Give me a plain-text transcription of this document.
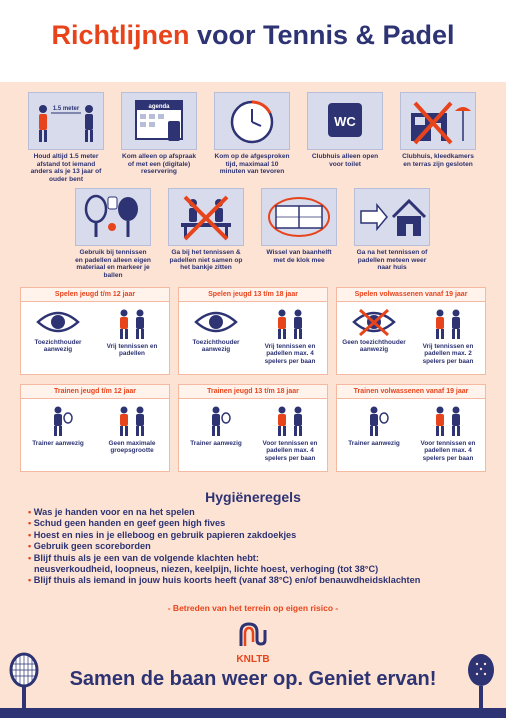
Richtlijnen voor Tennis & Padel
1.5 meter
Houd altijd 1.5 meter afstand tot iemand anders als je 13 jaar of ouder bent
agenda
Kom alleen op afspraak of met een (digitale) reservering
Kom op de afgesproken tijd, maximaal 10 minuten van tevoren
WC
Clubhuis alleen open voor toilet
Clubhuis, kleedkamers en terras zijn gesloten
Gebruik bij tennissen en padellen alleen eigen materiaal en markeer je ballen
Ga bij het tennissen & padellen niet samen op het bankje zitten
Wissel van baanhelft met de klok mee
Ga na het tennissen of padellen meteen weer naar huis
Spelen jeugd t/m 12 jaar
Toezichthouder aanwezig	Vrij tennissen en padellen
Spelen jeugd 13 t/m 18 jaar
Toezichthouder aanwezig	Vrij tennissen en padellen max. 4 spelers per baan
Spelen volwassenen vanaf 19 jaar
Geen toezichthouder aanwezig	Vrij tennissen en padellen max. 2 spelers per baan
Trainen jeugd t/m 12 jaar
Trainer aanwezig	Geen maximale groepsgrootte
Trainen jeugd 13 t/m 18 jaar
Trainer aanwezig	Voor tennissen en padellen max. 4 spelers per baan
Trainen volwassenen vanaf 19 jaar
Trainer aanwezig	Voor tennissen en padellen max. 4 spelers per baan
Hygiëneregels
• Was je handen voor en na het spelen
• Schud geen handen en geef geen high fives
• Hoest en nies in je elleboog en gebruik papieren zakdoekjes
• Gebruik geen scoreborden
• Blijf thuis als je een van de volgende klachten hebt:
neusverkoudheid, loopneus, niezen, keelpijn, lichte hoest, verhoging (tot 38°C)
• Blijf thuis als iemand in jouw huis koorts heeft (vanaf 38°C) en/of benauwdheidsklachten
- Betreden van het terrein op eigen risico -
KNLTB
Samen de baan weer op. Geniet ervan!
